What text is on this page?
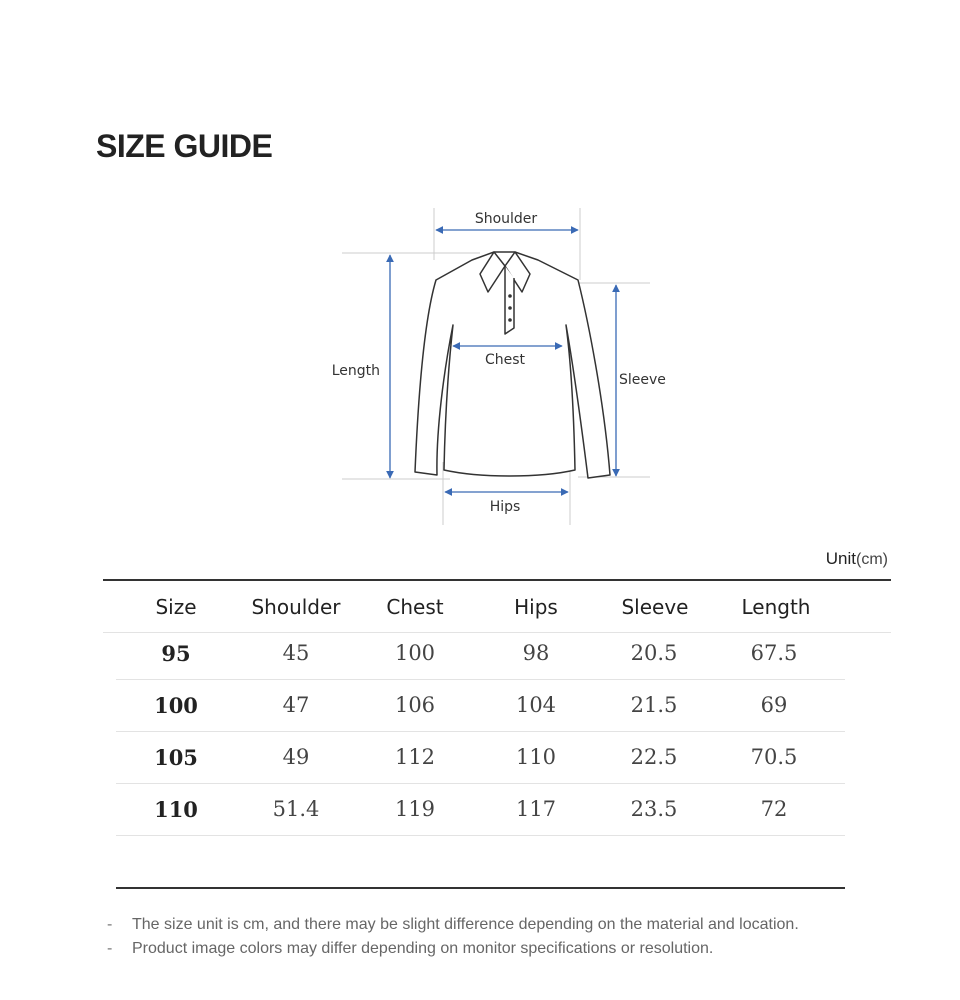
SIZE GUIDE
Shoulder
Chest
Length
Sleeve
Hips
Unit(cm)
Size	Shoulder	Chest	Hips	Sleeve	Length
95	45	100	98	20.5	67.5
100	47	106	104	21.5	69
105	49	112	110	22.5	70.5
110	51.4	119	117	23.5	72
- The size unit is cm, and there may be slight difference depending on the material and location.
- Product image colors may differ depending on monitor specifications or resolution.
